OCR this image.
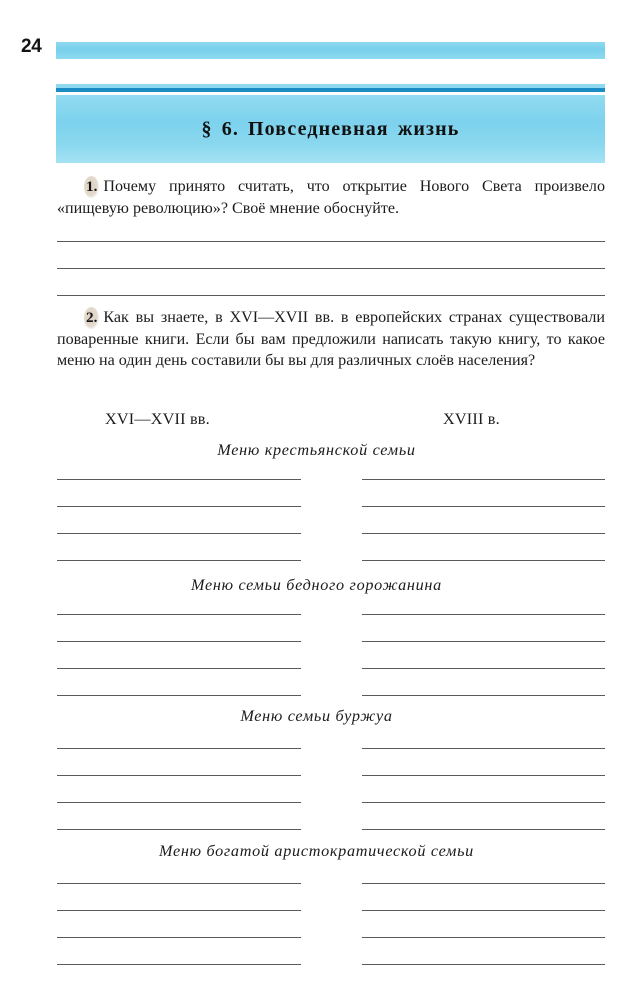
24
§ 6. Повседневная жизнь
1. Почему принято считать, что открытие Нового Света произвело «пищевую революцию»? Своё мнение обоснуйте.
2. Как вы знаете, в XVI—XVII вв. в европейских странах существовали поваренные книги. Если бы вам предложили написать такую книгу, то какое меню на один день составили бы вы для различных слоёв населения?
XVI—XVII вв.	XVIII в.
Меню крестьянской семьи
Меню семьи бедного горожанина
Меню семьи буржуа
Меню богатой аристократической семьи
